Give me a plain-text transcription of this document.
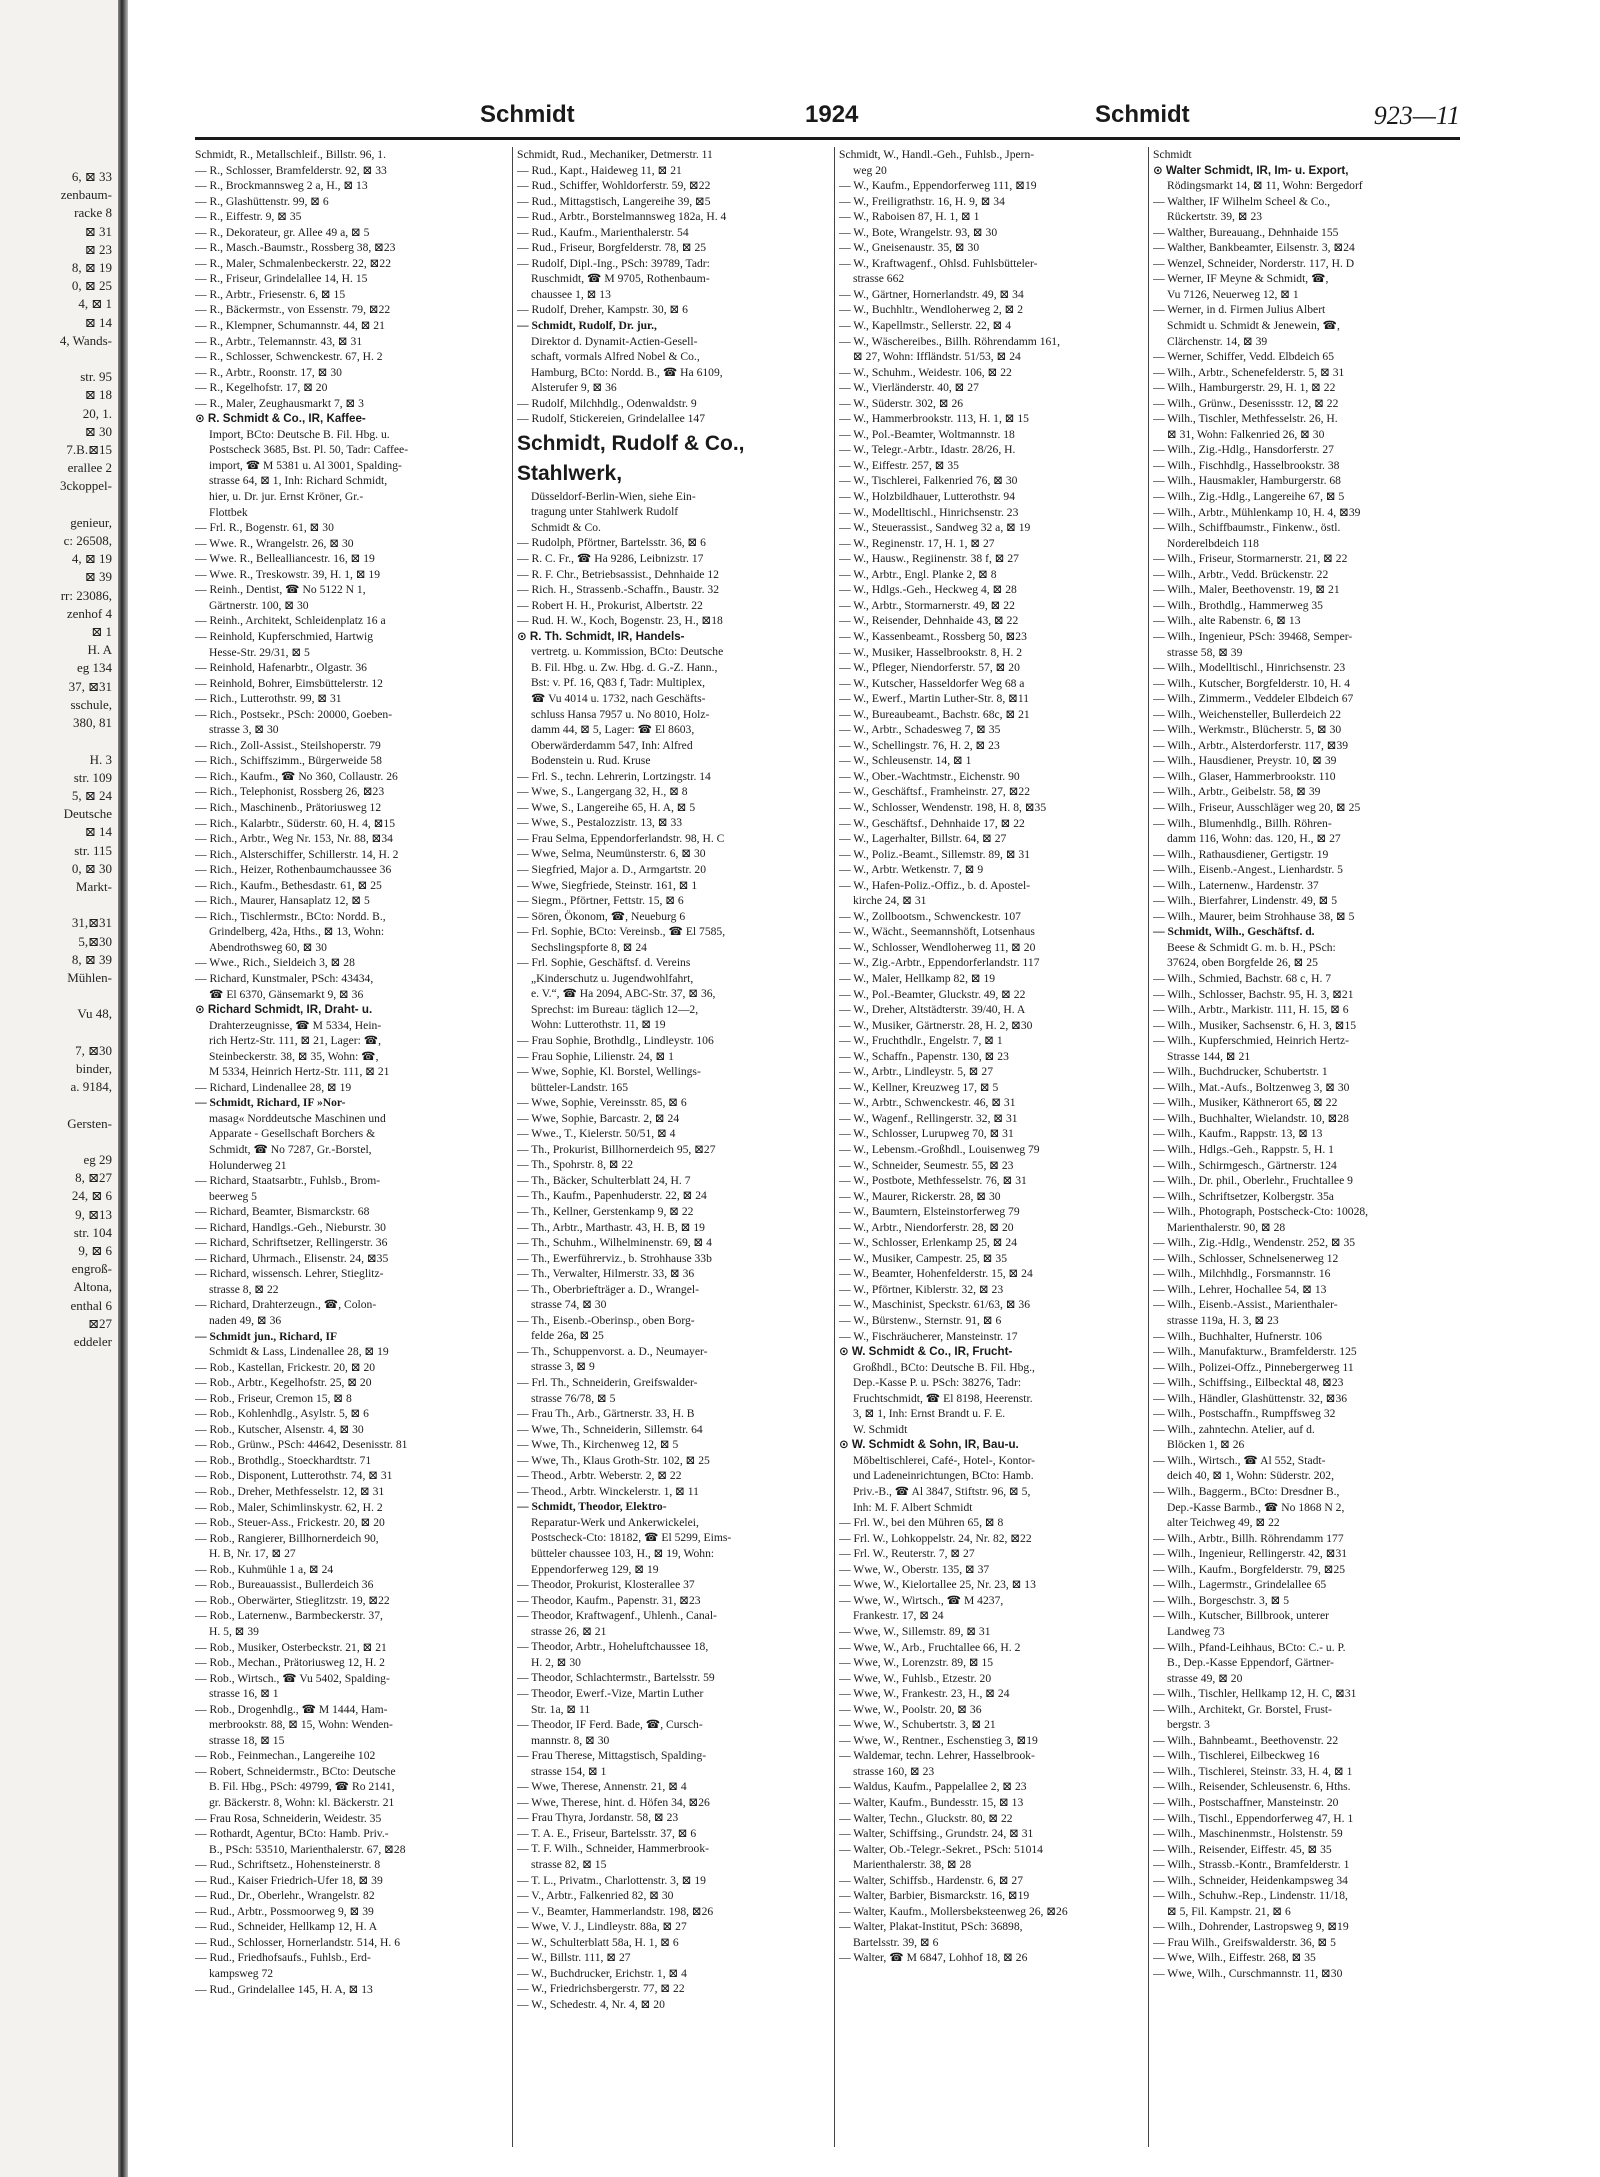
6, ⊠ 33
zenbaum-
racke 8
⊠ 31
⊠ 23
8, ⊠ 19
0, ⊠ 25
4, ⊠ 1
⊠ 14
4, Wands-

str. 95
⊠ 18
20, 1.
⊠ 30
7.B.⊠15
erallee 2
3ckoppel-

genieur,
c: 26508,
4, ⊠ 19
⊠ 39
rr: 23086,
zenhof 4
⊠ 1
H. A
eg 134
37, ⊠31
sschule,
380, 81

H. 3
str. 109
5, ⊠ 24
Deutsche
⊠ 14
str. 115
0, ⊠ 30
Markt-

31,⊠31
5,⊠30
8, ⊠ 39
Mühlen-

Vu 48,

7, ⊠30
binder,
a. 9184,

Gersten-

eg 29
8, ⊠27
24, ⊠ 6
9, ⊠13
str. 104
9, ⊠ 6
engroß-
Altona,
enthal 6
⊠27
eddeler
Schmidt	1924	Schmidt	923—11

Schmidt, R., Metallschleif., Billstr. 96, 1.

— R., Schlosser, Bramfelderstr. 92, ⊠ 33

— R., Brockmannsweg 2 a, H., ⊠ 13

— R., Glashüttenstr. 99, ⊠ 6

— R., Eiffestr. 9, ⊠ 35

— R., Dekorateur, gr. Allee 49 a, ⊠ 5

— R., Masch.-Baumstr., Rossberg 38, ⊠23

— R., Maler, Schmalenbeckerstr. 22, ⊠22

— R., Friseur, Grindelallee 14, H. 15

— R., Arbtr., Friesenstr. 6, ⊠ 15

— R., Bäckermstr., von Essenstr. 79, ⊠22

— R., Klempner, Schumannstr. 44, ⊠ 21

— R., Arbtr., Telemannstr. 43, ⊠ 31

— R., Schlosser, Schwenckestr. 67, H. 2

— R., Arbtr., Roonstr. 17, ⊠ 30

— R., Kegelhofstr. 17, ⊠ 20

— R., Maler, Zeughausmarkt 7, ⊠ 3

⊙ R. Schmidt & Co., IR, Kaffee-

Import, BCto: Deutsche B. Fil. Hbg. u.

Postscheck 3685, Bst. Pl. 50, Tadr: Caffee-

import, ☎ M 5381 u. Al 3001, Spalding-

strasse 64, ⊠ 1, Inh: Richard Schmidt,

hier, u. Dr. jur. Ernst Kröner, Gr.-

Flottbek

— Frl. R., Bogenstr. 61, ⊠ 30

— Wwe. R., Wrangelstr. 26, ⊠ 30

— Wwe. R., Bellealliancestr. 16, ⊠ 19

— Wwe. R., Treskowstr. 39, H. 1, ⊠ 19

— Reinh., Dentist, ☎ No 5122 N 1,

Gärtnerstr. 100, ⊠ 30

— Reinh., Architekt, Schleidenplatz 16 a

— Reinhold, Kupferschmied, Hartwig

Hesse-Str. 29/31, ⊠ 5

— Reinhold, Hafenarbtr., Olgastr. 36

— Reinhold, Bohrer, Eimsbüttelerstr. 12

— Rich., Lutterothstr. 99, ⊠ 31

— Rich., Postsekr., PSch: 20000, Goeben-

strasse 3, ⊠ 30

— Rich., Zoll-Assist., Steilshoperstr. 79

— Rich., Schiffszimm., Bürgerweide 58

— Rich., Kaufm., ☎ No 360, Collaustr. 26

— Rich., Telephonist, Rossberg 26, ⊠23

— Rich., Maschinenb., Prätoriusweg 12

— Rich., Kalarbtr., Süderstr. 60, H. 4, ⊠15

— Rich., Arbtr., Weg Nr. 153, Nr. 88, ⊠34

— Rich., Alsterschiffer, Schillerstr. 14, H. 2

— Rich., Heizer, Rothenbaumchaussee 36

— Rich., Kaufm., Bethesdastr. 61, ⊠ 25

— Rich., Maurer, Hansaplatz 12, ⊠ 5

— Rich., Tischlermstr., BCto: Nordd. B.,

Grindelberg, 42a, Hths., ⊠ 13, Wohn:

Abendrothsweg 60, ⊠ 30

— Wwe., Rich., Sieldeich 3, ⊠ 28

— Richard, Kunstmaler, PSch: 43434,

☎ El 6370, Gänsemarkt 9, ⊠ 36

⊙ Richard Schmidt, IR, Draht- u.

Drahterzeugnisse, ☎ M 5334, Hein-

rich Hertz-Str. 111, ⊠ 21, Lager: ☎,

Steinbeckerstr. 38, ⊠ 35, Wohn: ☎,

M 5334, Heinrich Hertz-Str. 111, ⊠ 21

— Richard, Lindenallee 28, ⊠ 19

— Schmidt, Richard, IF »Nor-

masag« Norddeutsche Maschinen und

Apparate - Gesellschaft Borchers &

Schmidt, ☎ No 7287, Gr.-Borstel,

Holunderweg 21

— Richard, Staatsarbtr., Fuhlsb., Brom-

beerweg 5

— Richard, Beamter, Bismarckstr. 68

— Richard, Handlgs.-Geh., Nieburstr. 30

— Richard, Schriftsetzer, Rellingerstr. 36

— Richard, Uhrmach., Elisenstr. 24, ⊠35

— Richard, wissensch. Lehrer, Stieglitz-

strasse 8, ⊠ 22

— Richard, Drahterzeugn., ☎, Colon-

naden 49, ⊠ 36

— Schmidt jun., Richard, IF

Schmidt & Lass, Lindenallee 28, ⊠ 19

— Rob., Kastellan, Frickestr. 20, ⊠ 20

— Rob., Arbtr., Kegelhofstr. 25, ⊠ 20

— Rob., Friseur, Cremon 15, ⊠ 8

— Rob., Kohlenhdlg., Asylstr. 5, ⊠ 6

— Rob., Kutscher, Alsenstr. 4, ⊠ 30

— Rob., Grünw., PSch: 44642, Desenisstr. 81

— Rob., Brothdlg., Stoeckhardtstr. 71

— Rob., Disponent, Lutterothstr. 74, ⊠ 31

— Rob., Dreher, Methfesselstr. 12, ⊠ 31

— Rob., Maler, Schimlinskystr. 62, H. 2

— Rob., Steuer-Ass., Frickestr. 20, ⊠ 20

— Rob., Rangierer, Billhornerdeich 90,

H. B, Nr. 17, ⊠ 27

— Rob., Kuhmühle 1 a, ⊠ 24

— Rob., Bureauassist., Bullerdeich 36

— Rob., Oberwärter, Stieglitzstr. 19, ⊠22

— Rob., Laternenw., Barmbeckerstr. 37,

H. 5, ⊠ 39

— Rob., Musiker, Osterbeckstr. 21, ⊠ 21

— Rob., Mechan., Prätoriusweg 12, H. 2

— Rob., Wirtsch., ☎ Vu 5402, Spalding-

strasse 16, ⊠ 1

— Rob., Drogenhdlg., ☎ M 1444, Ham-

merbrookstr. 88, ⊠ 15, Wohn: Wenden-

strasse 18, ⊠ 15

— Rob., Feinmechan., Langereihe 102

— Robert, Schneidermstr., BCto: Deutsche

B. Fil. Hbg., PSch: 49799, ☎ Ro 2141,

gr. Bäckerstr. 8, Wohn: kl. Bäckerstr. 21

— Frau Rosa, Schneiderin, Weidestr. 35

— Rothardt, Agentur, BCto: Hamb. Priv.-

B., PSch: 53510, Marienthalerstr. 67, ⊠28

— Rud., Schriftsetz., Hohensteinerstr. 8

— Rud., Kaiser Friedrich-Ufer 18, ⊠ 39

— Rud., Dr., Oberlehr., Wrangelstr. 82

— Rud., Arbtr., Possmoorweg 9, ⊠ 39

— Rud., Schneider, Hellkamp 12, H. A

— Rud., Schlosser, Hornerlandstr. 514, H. 6

— Rud., Friedhofsaufs., Fuhlsb., Erd-

kampsweg 72

— Rud., Grindelallee 145, H. A, ⊠ 13

Schmidt, Rud., Mechaniker, Detmerstr. 11

— Rud., Kapt., Haideweg 11, ⊠ 21

— Rud., Schiffer, Wohldorferstr. 59, ⊠22

— Rud., Mittagstisch, Langereihe 39, ⊠5

— Rud., Arbtr., Borstelmannsweg 182a, H. 4

— Rud., Kaufm., Marienthalerstr. 54

— Rud., Friseur, Borgfelderstr. 78, ⊠ 25

— Rudolf, Dipl.-Ing., PSch: 39789, Tadr:

Ruschmidt, ☎ M 9705, Rothenbaum-

chaussee 1, ⊠ 13

— Rudolf, Dreher, Kampstr. 30, ⊠ 6

— Schmidt, Rudolf, Dr. jur.,

Direktor d. Dynamit-Actien-Gesell-

schaft, vormals Alfred Nobel & Co.,

Hamburg, BCto: Nordd. B., ☎ Ha 6109,

Alsterufer 9, ⊠ 36

— Rudolf, Milchhdlg., Odenwaldstr. 9

— Rudolf, Stickereien, Grindelallee 147

Schmidt, Rudolf & Co.,

Stahlwerk,

Düsseldorf-Berlin-Wien, siehe Ein-

tragung unter Stahlwerk Rudolf

Schmidt & Co.

— Rudolph, Pförtner, Bartelsstr. 36, ⊠ 6

— R. C. Fr., ☎ Ha 9286, Leibnizstr. 17

— R. F. Chr., Betriebsassist., Dehnhaide 12

— Rich. H., Strassenb.-Schaffn., Baustr. 32

— Robert H. H., Prokurist, Albertstr. 22

— Rud. H. W., Koch, Bogenstr. 23, H., ⊠18

⊙ R. Th. Schmidt, IR, Handels-

vertretg. u. Kommission, BCto: Deutsche

B. Fil. Hbg. u. Zw. Hbg. d. G.-Z. Hann.,

Bst: v. Pf. 16, Q83 f, Tadr: Multiplex,

☎ Vu 4014 u. 1732, nach Geschäfts-

schluss Hansa 7957 u. No 8010, Holz-

damm 44, ⊠ 5, Lager: ☎ El 8603,

Oberwärderdamm 547, Inh: Alfred

Bodenstein u. Rud. Kruse

— Frl. S., techn. Lehrerin, Lortzingstr. 14

— Wwe, S., Langergang 32, H., ⊠ 8

— Wwe, S., Langereihe 65, H. A, ⊠ 5

— Wwe, S., Pestalozzistr. 13, ⊠ 33

— Frau Selma, Eppendorferlandstr. 98, H. C

— Wwe, Selma, Neumünsterstr. 6, ⊠ 30

— Siegfried, Major a. D., Armgartstr. 20

— Wwe, Siegfriede, Steinstr. 161, ⊠ 1

— Siegm., Pförtner, Fettstr. 15, ⊠ 6

— Sören, Ökonom, ☎, Neueburg 6

— Frl. Sophie, BCto: Vereinsb., ☎ El 7585,

Sechslingspforte 8, ⊠ 24

— Frl. Sophie, Geschäftsf. d. Vereins

„Kinderschutz u. Jugendwohlfahrt,

e. V.“, ☎ Ha 2094, ABC-Str. 37, ⊠ 36,

Sprechst: im Bureau: täglich 12—2,

Wohn: Lutterothstr. 11, ⊠ 19

— Frau Sophie, Brothdlg., Lindleystr. 106

— Frau Sophie, Lilienstr. 24, ⊠ 1

— Wwe, Sophie, Kl. Borstel, Wellings-

bütteler-Landstr. 165

— Wwe, Sophie, Vereinsstr. 85, ⊠ 6

— Wwe, Sophie, Barcastr. 2, ⊠ 24

— Wwe., T., Kielerstr. 50/51, ⊠ 4

— Th., Prokurist, Billhornerdeich 95, ⊠27

— Th., Spohrstr. 8, ⊠ 22

— Th., Bäcker, Schulterblatt 24, H. 7

— Th., Kaufm., Papenhuderstr. 22, ⊠ 24

— Th., Kellner, Gerstenkamp 9, ⊠ 22

— Th., Arbtr., Marthastr. 43, H. B, ⊠ 19

— Th., Schuhm., Wilhelminenstr. 69, ⊠ 4

— Th., Ewerführerviz., b. Strohhause 33b

— Th., Verwalter, Hilmerstr. 33, ⊠ 36

— Th., Oberbriefträger a. D., Wrangel-

strasse 74, ⊠ 30

— Th., Eisenb.-Oberinsp., oben Borg-

felde 26a, ⊠ 25

— Th., Schuppenvorst. a. D., Neumayer-

strasse 3, ⊠ 9

— Frl. Th., Schneiderin, Greifswalder-

strasse 76/78, ⊠ 5

— Frau Th., Arb., Gärtnerstr. 33, H. B

— Wwe, Th., Schneiderin, Sillemstr. 64

— Wwe, Th., Kirchenweg 12, ⊠ 5

— Wwe, Th., Klaus Groth-Str. 102, ⊠ 25

— Theod., Arbtr. Weberstr. 2, ⊠ 22

— Theod., Arbtr. Winckelerstr. 1, ⊠ 11

— Schmidt, Theodor, Elektro-

Reparatur-Werk und Ankerwickelei,

Postscheck-Cto: 18182, ☎ El 5299, Eims-

bütteler chaussee 103, H., ⊠ 19, Wohn:

Eppendorferweg 129, ⊠ 19

— Theodor, Prokurist, Klosterallee 37

— Theodor, Kaufm., Papenstr. 31, ⊠23

— Theodor, Kraftwagenf., Uhlenh., Canal-

strasse 26, ⊠ 21

— Theodor, Arbtr., Hoheluftchaussee 18,

H. 2, ⊠ 30

— Theodor, Schlachtermstr., Bartelsstr. 59

— Theodor, Ewerf.-Vize, Martin Luther

Str. 1a, ⊠ 11

— Theodor, IF Ferd. Bade, ☎, Cursch-

mannstr. 8, ⊠ 30

— Frau Therese, Mittagstisch, Spalding-

strasse 154, ⊠ 1

— Wwe, Therese, Annenstr. 21, ⊠ 4

— Wwe, Therese, hint. d. Höfen 34, ⊠26

— Frau Thyra, Jordanstr. 58, ⊠ 23

— T. A. E., Friseur, Bartelsstr. 37, ⊠ 6

— T. F. Wilh., Schneider, Hammerbrook-

strasse 82, ⊠ 15

— T. L., Privatm., Charlottenstr. 3, ⊠ 19

— V., Arbtr., Falkenried 82, ⊠ 30

— V., Beamter, Hammerlandstr. 198, ⊠26

— Wwe, V. J., Lindleystr. 88a, ⊠ 27

— W., Schulterblatt 58a, H. 1, ⊠ 6

— W., Billstr. 111, ⊠ 27

— W., Buchdrucker, Erichstr. 1, ⊠ 4

— W., Friedrichsbergerstr. 77, ⊠ 22

— W., Schedestr. 4, Nr. 4, ⊠ 20

Schmidt, W., Handl.-Geh., Fuhlsb., Jpern-

weg 20

— W., Kaufm., Eppendorferweg 111, ⊠19

— W., Freiligrathstr. 16, H. 9, ⊠ 34

— W., Raboisen 87, H. 1, ⊠ 1

— W., Bote, Wrangelstr. 93, ⊠ 30

— W., Gneisenaustr. 35, ⊠ 30

— W., Kraftwagenf., Ohlsd. Fuhlsbütteler-

strasse 662

— W., Gärtner, Hornerlandstr. 49, ⊠ 34

— W., Buchhltr., Wendloherweg 2, ⊠ 2

— W., Kapellmstr., Sellerstr. 22, ⊠ 4

— W., Wäschereibes., Billh. Röhrendamm 161,

⊠ 27, Wohn: Iffländstr. 51/53, ⊠ 24

— W., Schuhm., Weidestr. 106, ⊠ 22

— W., Vierländerstr. 40, ⊠ 27

— W., Süderstr. 302, ⊠ 26

— W., Hammerbrookstr. 113, H. 1, ⊠ 15

— W., Pol.-Beamter, Woltmannstr. 18

— W., Telegr.-Arbtr., Idastr. 28/26, H.

— W., Eiffestr. 257, ⊠ 35

— W., Tischlerei, Falkenried 76, ⊠ 30

— W., Holzbildhauer, Lutterothstr. 94

— W., Modelltischl., Hinrichsenstr. 23

— W., Steuerassist., Sandweg 32 a, ⊠ 19

— W., Reginenstr. 17, H. 1, ⊠ 27

— W., Hausw., Regiinenstr. 38 f, ⊠ 27

— W., Arbtr., Engl. Planke 2, ⊠ 8

— W., Hdlgs.-Geh., Heckweg 4, ⊠ 28

— W., Arbtr., Stormarnerstr. 49, ⊠ 22

— W., Reisender, Dehnhaide 43, ⊠ 22

— W., Kassenbeamt., Rossberg 50, ⊠23

— W., Musiker, Hasselbrookstr. 8, H. 2

— W., Pfleger, Niendorferstr. 57, ⊠ 20

— W., Kutscher, Hasseldorfer Weg 68 a

— W., Ewerf., Martin Luther-Str. 8, ⊠11

— W., Bureaubeamt., Bachstr. 68c, ⊠ 21

— W., Arbtr., Schadesweg 7, ⊠ 35

— W., Schellingstr. 76, H. 2, ⊠ 23

— W., Schleusenstr. 14, ⊠ 1

— W., Ober.-Wachtmstr., Eichenstr. 90

— W., Geschäftsf., Framheinstr. 27, ⊠22

— W., Schlosser, Wendenstr. 198, H. 8, ⊠35

— W., Geschäftsf., Dehnhaide 17, ⊠ 22

— W., Lagerhalter, Billstr. 64, ⊠ 27

— W., Poliz.-Beamt., Sillemstr. 89, ⊠ 31

— W., Arbtr. Wetkenstr. 7, ⊠ 9

— W., Hafen-Poliz.-Offiz., b. d. Apostel-

kirche 24, ⊠ 31

— W., Zollbootsm., Schwenckestr. 107

— W., Wächt., Seemannshöft, Lotsenhaus

— W., Schlosser, Wendloherweg 11, ⊠ 20

— W., Zig.-Arbtr., Eppendorferlandstr. 117

— W., Maler, Hellkamp 82, ⊠ 19

— W., Pol.-Beamter, Gluckstr. 49, ⊠ 22

— W., Dreher, Altstädterstr. 39/40, H. A

— W., Musiker, Gärtnerstr. 28, H. 2, ⊠30

— W., Fruchthdlr., Engelstr. 7, ⊠ 1

— W., Schaffn., Papenstr. 130, ⊠ 23

— W., Arbtr., Lindleystr. 5, ⊠ 27

— W., Kellner, Kreuzweg 17, ⊠ 5

— W., Arbtr., Schwenckestr. 46, ⊠ 31

— W., Wagenf., Rellingerstr. 32, ⊠ 31

— W., Schlosser, Lurupweg 70, ⊠ 31

— W., Lebensm.-Großhdl., Louisenweg 79

— W., Schneider, Seumestr. 55, ⊠ 23

— W., Postbote, Methfesselstr. 76, ⊠ 31

— W., Maurer, Rickerstr. 28, ⊠ 30

— W., Baumtern, Elsteinstorferweg 79

— W., Arbtr., Niendorferstr. 28, ⊠ 20

— W., Schlosser, Erlenkamp 25, ⊠ 24

— W., Musiker, Campestr. 25, ⊠ 35

— W., Beamter, Hohenfelderstr. 15, ⊠ 24

— W., Pförtner, Kiblerstr. 32, ⊠ 23

— W., Maschinist, Speckstr. 61/63, ⊠ 36

— W., Bürstenw., Sternstr. 91, ⊠ 6

— W., Fischräucherer, Mansteinstr. 17

⊙ W. Schmidt & Co., IR, Frucht-

Großhdl., BCto: Deutsche B. Fil. Hbg.,

Dep.-Kasse P. u. PSch: 38276, Tadr:

Fruchtschmidt, ☎ El 8198, Heerenstr.

3, ⊠ 1, Inh: Ernst Brandt u. F. E.

W. Schmidt

⊙ W. Schmidt & Sohn, IR, Bau-u.

Möbeltischlerei, Café-, Hotel-, Kontor-

und Ladeneinrichtungen, BCto: Hamb.

Priv.-B., ☎ Al 3847, Stiftstr. 96, ⊠ 5,

Inh: M. F. Albert Schmidt

— Frl. W., bei den Mühren 65, ⊠ 8

— Frl. W., Lohkoppelstr. 24, Nr. 82, ⊠22

— Frl. W., Reuterstr. 7, ⊠ 27

— Wwe, W., Oberstr. 135, ⊠ 37

— Wwe, W., Kielortallee 25, Nr. 23, ⊠ 13

— Wwe, W., Wirtsch., ☎ M 4237,

Frankestr. 17, ⊠ 24

— Wwe, W., Sillemstr. 89, ⊠ 31

— Wwe, W., Arb., Fruchtallee 66, H. 2

— Wwe, W., Lorenzstr. 89, ⊠ 15

— Wwe, W., Fuhlsb., Etzestr. 20

— Wwe, W., Frankestr. 23, H., ⊠ 24

— Wwe, W., Poolstr. 20, ⊠ 36

— Wwe, W., Schubertstr. 3, ⊠ 21

— Wwe, W., Rentner., Eschenstieg 3, ⊠19

— Waldemar, techn. Lehrer, Hasselbrook-

strasse 160, ⊠ 23

— Waldus, Kaufm., Pappelallee 2, ⊠ 23

— Walter, Kaufm., Bundesstr. 15, ⊠ 13

— Walter, Techn., Gluckstr. 80, ⊠ 22

— Walter, Schiffsing., Grundstr. 24, ⊠ 31

— Walter, Ob.-Telegr.-Sekret., PSch: 51014

Marienthalerstr. 38, ⊠ 28

— Walter, Schiffsb., Hardenstr. 6, ⊠ 27

— Walter, Barbier, Bismarckstr. 16, ⊠19

— Walter, Kaufm., Mollersbeksteenweg 26, ⊠26

— Walter, Plakat-Institut, PSch: 36898,

Bartelsstr. 39, ⊠ 6

— Walter, ☎ M 6847, Lohhof 18, ⊠ 26

Schmidt

⊙ Walter Schmidt, IR, Im- u. Export,

Rödingsmarkt 14, ⊠ 11, Wohn: Bergedorf

— Walther, IF Wilhelm Scheel & Co.,

Rückertstr. 39, ⊠ 23

— Walther, Bureauang., Dehnhaide 155

— Walther, Bankbeamter, Eilsenstr. 3, ⊠24

— Wenzel, Schneider, Norderstr. 117, H. D

— Werner, IF Meyne & Schmidt, ☎,

Vu 7126, Neuerweg 12, ⊠ 1

— Werner, in d. Firmen Julius Albert

Schmidt u. Schmidt & Jenewein, ☎,

Clärchenstr. 14, ⊠ 39

— Werner, Schiffer, Vedd. Elbdeich 65

— Wilh., Arbtr., Schenefelderstr. 5, ⊠ 31

— Wilh., Hamburgerstr. 29, H. 1, ⊠ 22

— Wilh., Grünw., Desenissstr. 12, ⊠ 22

— Wilh., Tischler, Methfesselstr. 26, H.

⊠ 31, Wohn: Falkenried 26, ⊠ 30

— Wilh., Zig.-Hdlg., Hansdorferstr. 27

— Wilh., Fischhdlg., Hasselbrookstr. 38

— Wilh., Hausmakler, Hamburgerstr. 68

— Wilh., Zig.-Hdlg., Langereihe 67, ⊠ 5

— Wilh., Arbtr., Mühlenkamp 10, H. 4, ⊠39

— Wilh., Schiffbaumstr., Finkenw., östl.

Norderelbdeich 118

— Wilh., Friseur, Stormarnerstr. 21, ⊠ 22

— Wilh., Arbtr., Vedd. Brückenstr. 22

— Wilh., Maler, Beethovenstr. 19, ⊠ 21

— Wilh., Brothdlg., Hammerweg 35

— Wilh., alte Rabenstr. 6, ⊠ 13

— Wilh., Ingenieur, PSch: 39468, Semper-

strasse 58, ⊠ 39

— Wilh., Modelltischl., Hinrichsenstr. 23

— Wilh., Kutscher, Borgfelderstr. 10, H. 4

— Wilh., Zimmerm., Veddeler Elbdeich 67

— Wilh., Weichensteller, Bullerdeich 22

— Wilh., Werkmstr., Blücherstr. 5, ⊠ 30

— Wilh., Arbtr., Alsterdorferstr. 117, ⊠39

— Wilh., Hausdiener, Preystr. 10, ⊠ 39

— Wilh., Glaser, Hammerbrookstr. 110

— Wilh., Arbtr., Geibelstr. 58, ⊠ 39

— Wilh., Friseur, Ausschläger weg 20, ⊠ 25

— Wilh., Blumenhdlg., Billh. Röhren-

damm 116, Wohn: das. 120, H., ⊠ 27

— Wilh., Rathausdiener, Gertigstr. 19

— Wilh., Eisenb.-Angest., Lienhardstr. 5

— Wilh., Laternenw., Hardenstr. 37

— Wilh., Bierfahrer, Lindenstr. 49, ⊠ 5

— Wilh., Maurer, beim Strohhause 38, ⊠ 5

— Schmidt, Wilh., Geschäftsf. d.

Beese & Schmidt G. m. b. H., PSch:

37624, oben Borgfelde 26, ⊠ 25

— Wilh., Schmied, Bachstr. 68 c, H. 7

— Wilh., Schlosser, Bachstr. 95, H. 3, ⊠21

— Wilh., Arbtr., Markistr. 111, H. 15, ⊠ 6

— Wilh., Musiker, Sachsenstr. 6, H. 3, ⊠15

— Wilh., Kupferschmied, Heinrich Hertz-

Strasse 144, ⊠ 21

— Wilh., Buchdrucker, Schubertstr. 1

— Wilh., Mat.-Aufs., Boltzenweg 3, ⊠ 30

— Wilh., Musiker, Käthnerort 65, ⊠ 22

— Wilh., Buchhalter, Wielandstr. 10, ⊠28

— Wilh., Kaufm., Rappstr. 13, ⊠ 13

— Wilh., Hdlgs.-Geh., Rappstr. 5, H. 1

— Wilh., Schirmgesch., Gärtnerstr. 124

— Wilh., Dr. phil., Oberlehr., Fruchtallee 9

— Wilh., Schriftsetzer, Kolbergstr. 35a

— Wilh., Photograph, Postscheck-Cto: 10028,

Marienthalerstr. 90, ⊠ 28

— Wilh., Zig.-Hdlg., Wendenstr. 252, ⊠ 35

— Wilh., Schlosser, Schnelsenerweg 12

— Wilh., Milchhdlg., Forsmannstr. 16

— Wilh., Lehrer, Hochallee 54, ⊠ 13

— Wilh., Eisenb.-Assist., Marienthaler-

strasse 119a, H. 3, ⊠ 23

— Wilh., Buchhalter, Hufnerstr. 106

— Wilh., Manufakturw., Bramfelderstr. 125

— Wilh., Polizei-Offz., Pinnebergerweg 11

— Wilh., Schiffsing., Eilbecktal 48, ⊠23

— Wilh., Händler, Glashüttenstr. 32, ⊠36

— Wilh., Postschaffn., Rumpffsweg 32

— Wilh., zahntechn. Atelier, auf d.

Blöcken 1, ⊠ 26

— Wilh., Wirtsch., ☎ Al 552, Stadt-

deich 40, ⊠ 1, Wohn: Süderstr. 202,

— Wilh., Baggerm., BCto: Dresdner B.,

Dep.-Kasse Barmb., ☎ No 1868 N 2,

alter Teichweg 49, ⊠ 22

— Wilh., Arbtr., Billh. Röhrendamm 177

— Wilh., Ingenieur, Rellingerstr. 42, ⊠31

— Wilh., Kaufm., Borgfelderstr. 79, ⊠25

— Wilh., Lagermstr., Grindelallee 65

— Wilh., Borgeschstr. 3, ⊠ 5

— Wilh., Kutscher, Billbrook, unterer

Landweg 73

— Wilh., Pfand-Leihhaus, BCto: C.- u. P.

B., Dep.-Kasse Eppendorf, Gärtner-

strasse 49, ⊠ 20

— Wilh., Tischler, Hellkamp 12, H. C, ⊠31

— Wilh., Architekt, Gr. Borstel, Frust-

bergstr. 3

— Wilh., Bahnbeamt., Beethovenstr. 22

— Wilh., Tischlerei, Eilbeckweg 16

— Wilh., Tischlerei, Steinstr. 33, H. 4, ⊠ 1

— Wilh., Reisender, Schleusenstr. 6, Hths.

— Wilh., Postschaffner, Mansteinstr. 20

— Wilh., Tischl., Eppendorferweg 47, H. 1

— Wilh., Maschinenmstr., Holstenstr. 59

— Wilh., Reisender, Eiffestr. 45, ⊠ 35

— Wilh., Strassb.-Kontr., Bramfelderstr. 1

— Wilh., Schneider, Heidenkampsweg 34

— Wilh., Schuhw.-Rep., Lindenstr. 11/18,

⊠ 5, Fil. Kampstr. 21, ⊠ 6

— Wilh., Dohrender, Lastropsweg 9, ⊠19

— Frau Wilh., Greifswalderstr. 36, ⊠ 5

— Wwe, Wilh., Eiffestr. 268, ⊠ 35

— Wwe, Wilh., Curschmannstr. 11, ⊠30
